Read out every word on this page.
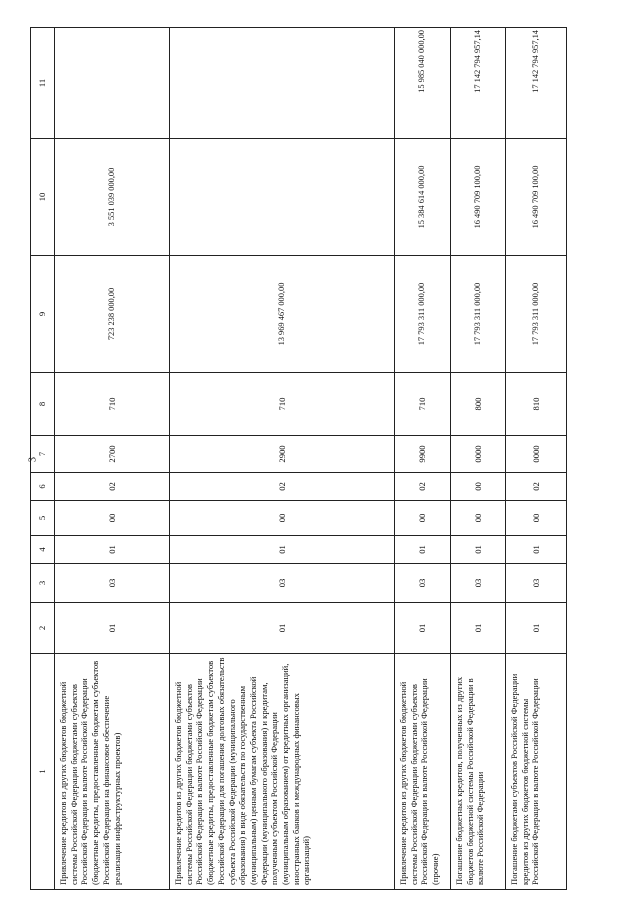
3
1	2	3	4	5	6	7	8	9	10	11
Привлечение кредитов из других бюджетов бюджетной системы Российской Федерации бюджетами субъектов Российской Федерации в валюте Российской Федерации (бюджетные кредиты, предоставленные бюджетам субъектов Российской Федерации на финансовое обеспечение реализации инфраструктурных проектов)	01	03	01	00	02	2700	710	723 238 000,00	3 551 039 000,00	
Привлечение кредитов из других бюджетов бюджетной системы Российской Федерации бюджетами субъектов Российской Федерации в валюте Российской Федерации (бюджетные кредиты, предоставленные бюджетам субъектов Российской Федерации для погашения долговых обязательств субъекта Российской Федерации (муниципального образования) в виде обязательств по государственным (муниципальным) ценным бумагам субъекта Российской Федерации (муниципального образования) и кредитам, полученным субъектом Российской Федерации (муниципальным образованием) от кредитных организаций, иностранных банков и международных финансовых организаций)	01	03	01	00	02	2900	710	13 969 467 000,00		
Привлечение кредитов из других бюджетов бюджетной системы Российской Федерации бюджетами субъектов Российской Федерации в валюте Российской Федерации (прочие)	01	03	01	00	02	9900	710	17 793 311 000,00	15 384 614 000,00	15 985 040 000,00
Погашение бюджетных кредитов, полученных из других бюджетов бюджетной системы Российской Федерации в валюте Российской Федерации	01	03	01	00	00	0000	800	17 793 311 000,00	16 490 709 100,00	17 142 794 957,14
Погашение бюджетами субъектов Российской Федерации кредитов из других бюджетов бюджетной системы Российской Федерации в валюте Российской Федерации	01	03	01	00	02	0000	810	17 793 311 000,00	16 490 709 100,00	17 142 794 957,14
